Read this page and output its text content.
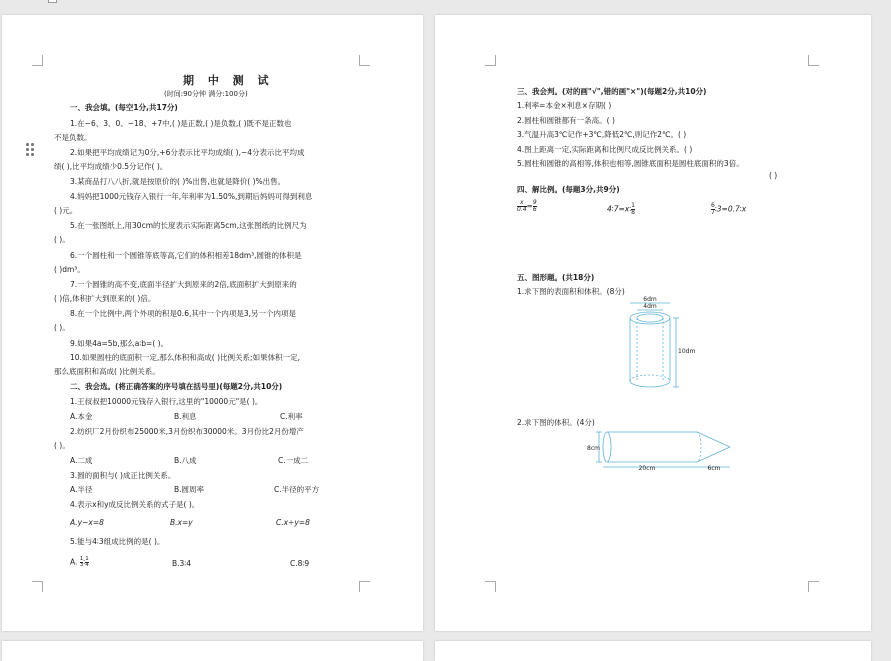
期 中 测 试
(时间:90分钟 满分:100分)
一、我会填。(每空1分,共17分)
1.在−6、3、0、−18、+7中,( )是正数,( )是负数,( )既不是正数也
不是负数。
2.如果把平均成绩记为0分,+6分表示比平均成绩( ),−4分表示比平均成
绩( ),比平均成绩少0.5分记作( )。
3.某商品打八八折,就是按原价的( )%出售,也就是降价( )%出售。
4.妈妈把1000元钱存入银行一年,年利率为1.50%,到期后妈妈可得到利息
( )元。
5.在一张图纸上,用30cm的长度表示实际距离5cm,这张图纸的比例尺为
( )。
6.一个圆柱和一个圆锥等底等高,它们的体积相差18dm³,圆锥的体积是
( )dm³。
7.一个圆锥的高不变,底面半径扩大到原来的2倍,底面积扩大到原来的
( )倍,体积扩大到原来的( )倍。
8.在一个比例中,两个外项的积是0.6,其中一个内项是3,另一个内项是
( )。
9.如果4a=5b,那么a∶b=( )。
10.如果圆柱的底面积一定,那么体积和高成( )比例关系;如果体积一定,
那么底面积和高成( )比例关系。
二、我会选。(将正确答案的序号填在括号里)(每题2分,共10分)
1.王叔叔把10000元钱存入银行,这里的"10000元"是( )。
A.本金	B.利息	C.利率
2.纺织厂2月份织布25000米,3月份织布30000米。3月份比2月份增产
( )。
A.二成	B.八成	C.一成二
3.圆的面积与( )成正比例关系。
A.半径	B.圆周率	C.半径的平方
4.表示x和y成反比例关系的式子是( )。
A.y−x=8	B.x=y	C.x÷y=8
5.能与4∶3组成比例的是( )。
A. $\frac{1}{3}$ $∶\frac{1}{4}$	B.3∶4	C.8∶9
三、我会判。(对的画"√",错的画"×")(每题2分,共10分)
1.利率=本金×利息×存期( )
2.圆柱和圆锥都有一条高。( )
3.气温升高3℃记作+3℃,降低2℃,则记作2℃。( )
4.图上距离一定,实际距离和比例尺成反比例关系。( )
5.圆柱和圆锥的高相等,体积也相等,圆锥底面积是圆柱底面积的3倍。
( )
四、解比例。(每题3分,共9分)
$\frac{x}{0.4} =\frac{9}{6}$	$4∶7=x∶\frac{1}{8}$	$\frac{6}{7}$ ∶3=0.7∶x
五、图形题。(共18分)
1.求下图的表面积和体积。(8分)
6dm
4dm
10dm
2.求下图的体积。(4分)
8cm
20cm	6cm
